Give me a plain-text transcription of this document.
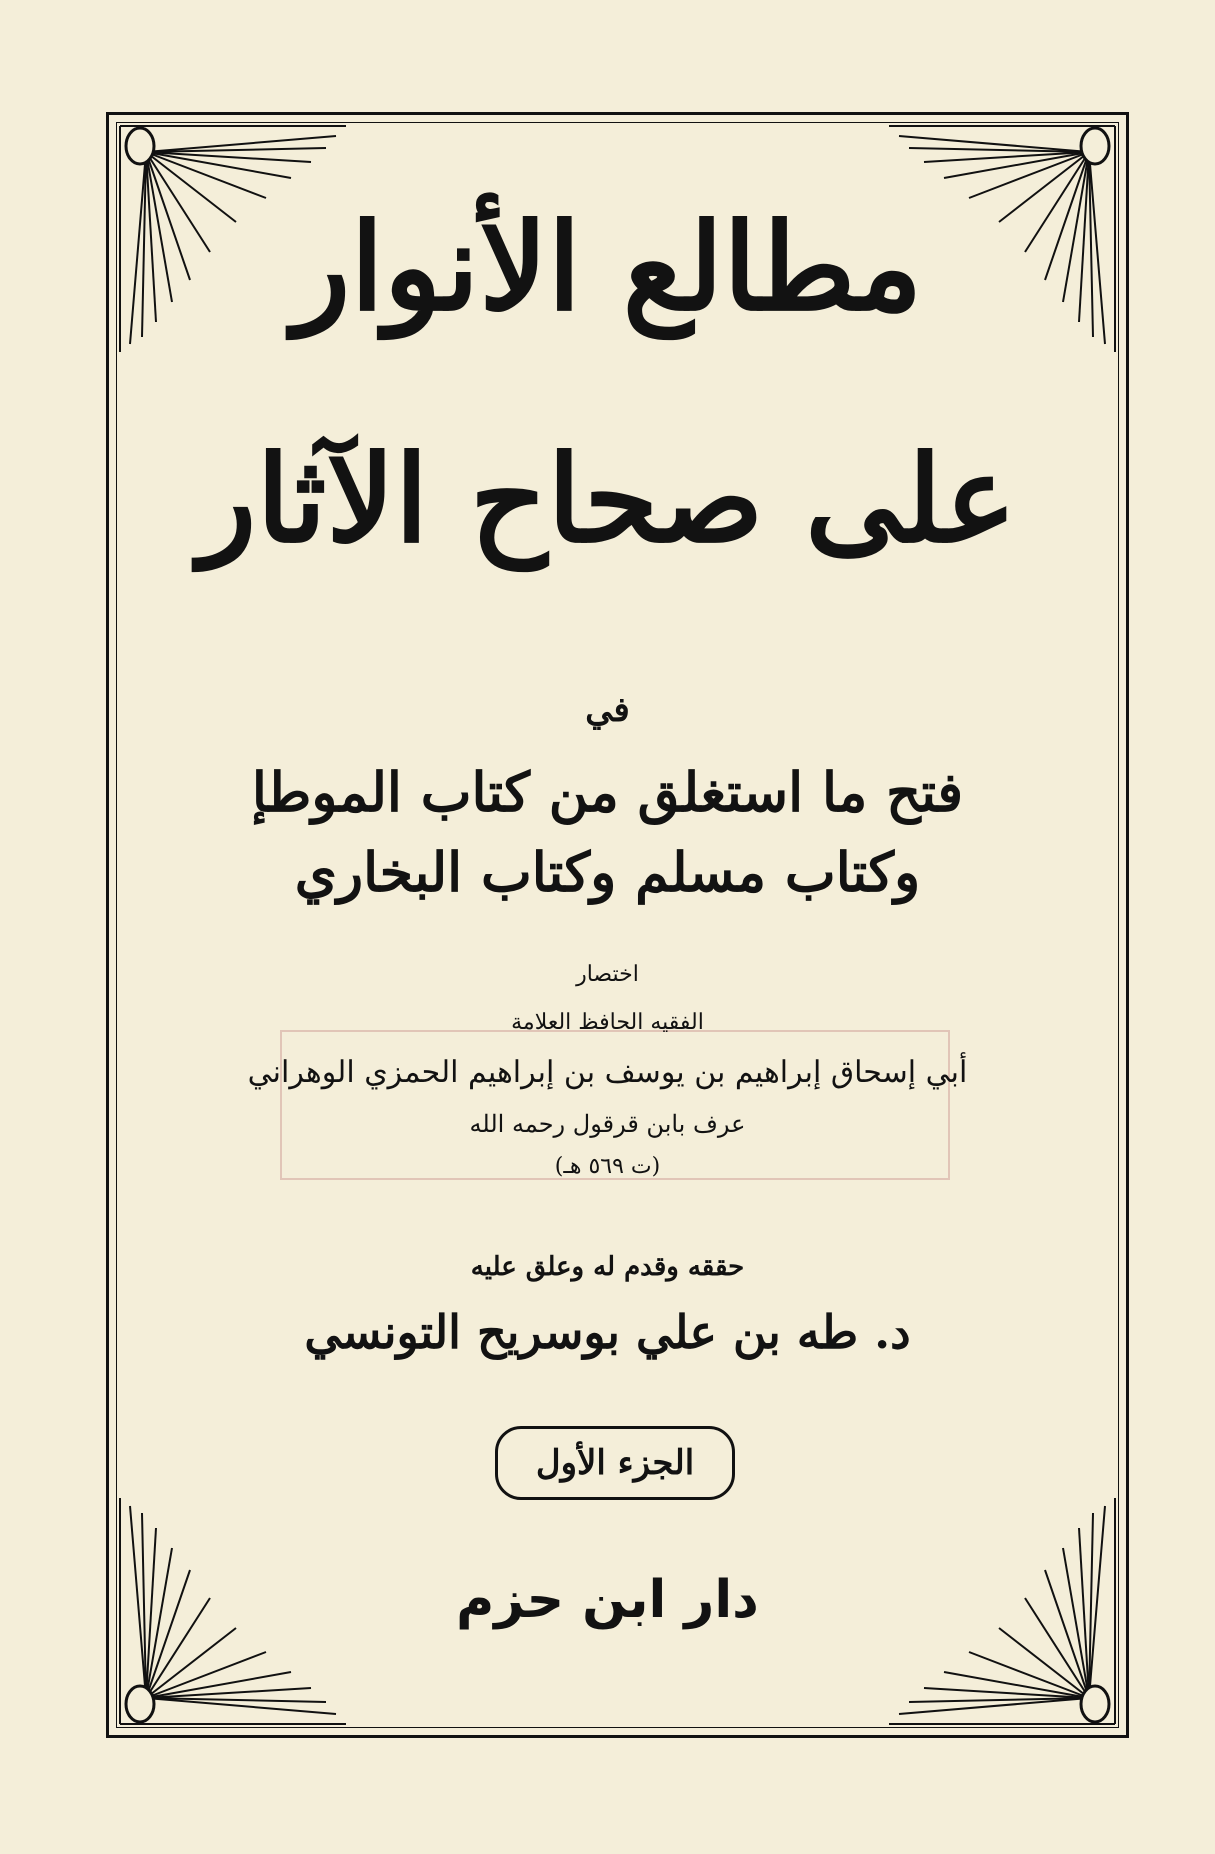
مطالع الأنوار
على صحاح الآثار
في
فتح ما استغلق من كتاب الموطإ
وكتاب مسلم وكتاب البخاري
اختصار
الفقيه الحافظ العلامة
أبي إسحاق إبراهيم بن يوسف بن إبراهيم الحمزي الوهراني
عرف بابن قرقول رحمه الله
(ت ٥٦٩ هـ)
حققه وقدم له وعلق عليه
د. طه بن علي بوسريح التونسي
الجزء الأول
دار ابن حزم
